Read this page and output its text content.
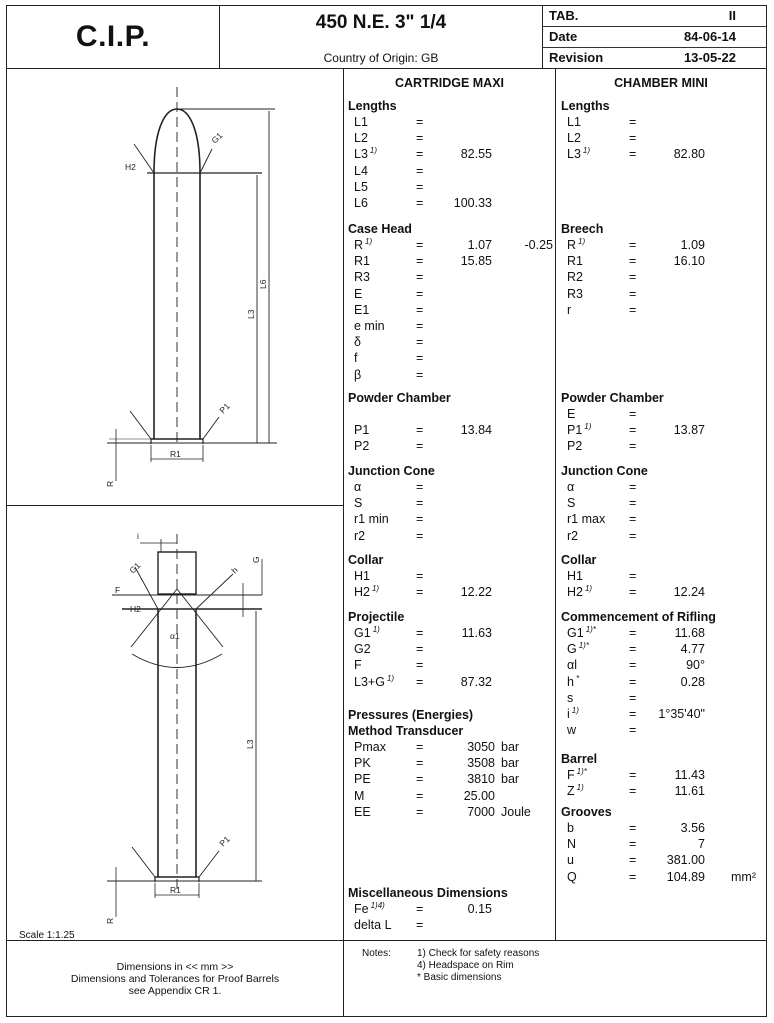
C.I.P.	450 N.E. 3" 1/4
Country of Origin: GB
TAB.	II
Date	84-06-14
Revision	13-05-22
G1
H2
L6
L3
P1
R1
R
i
G
G1	h
F
H2
α1
L3
P1
R1
R
Scale 1:1.25
CARTRIDGE MAXI	CHAMBER MINI
Lengths
L1	=
L2	=
L3 $^{1)}$	=	82.55
L4	=
L5	=
L6	= 100.33
Case Head
R $^{1)}$	=	1.07	-0.25
R1	=	15.85
R3	=
E	=
E1	=
e min	=
δ	=
f	=
β	=
Powder Chamber
P1	=	13.84
P2	=
Junction Cone
α	=
S	=
r1 min =
r2	=
Collar
H1	=
H2 $^{1)}$	=	12.22
Projectile
G1 $^{1)}$	=	11.63
G2	=
F	=
L3+G $^{1)}$ =	87.32
Pressures (Energies)
Method Transducer
Pmax =	3050 bar
PK	=	3508 bar
PE	=	3810 bar
M	=	25.00
EE	=	7000 Joule
Miscellaneous Dimensions
Fe $^{1)4)}$ =	0.15
delta L =
Lengths
L1	=
L2	=
L3 $^{1)}$	=	82.80
Breech
R $^{1)}$	=	1.09
R1	=	16.10
R2	=
R3	=
r	=
Powder Chamber
E	=
P1 $^{1)}$	=	13.87
P2	=
Junction Cone
α	=
S	=
r1 max =
r2	=
Collar
H1	=
H2 $^{1)}$	=	12.24
Commencement of Rifling
G1 $^{1)*}$	=	11.68
G $^{1)*}$	=	4.77
αl	=	90°
h *	=	0.28
s	=
i $^{1)}$	= 1°35'40"
w	=
Barrel
F $^{1)*}$	=	11.43
Z $^{1)}$	=	11.61
Grooves
b	=	3.56
N	=	7
u	= 381.00
Q	= 104.89 mm²
Dimensions in << mm >>
Dimensions and Tolerances for Proof Barrels
see Appendix CR 1.
Notes:	1) Check for safety reasons
4) Headspace on Rim
* Basic dimensions
